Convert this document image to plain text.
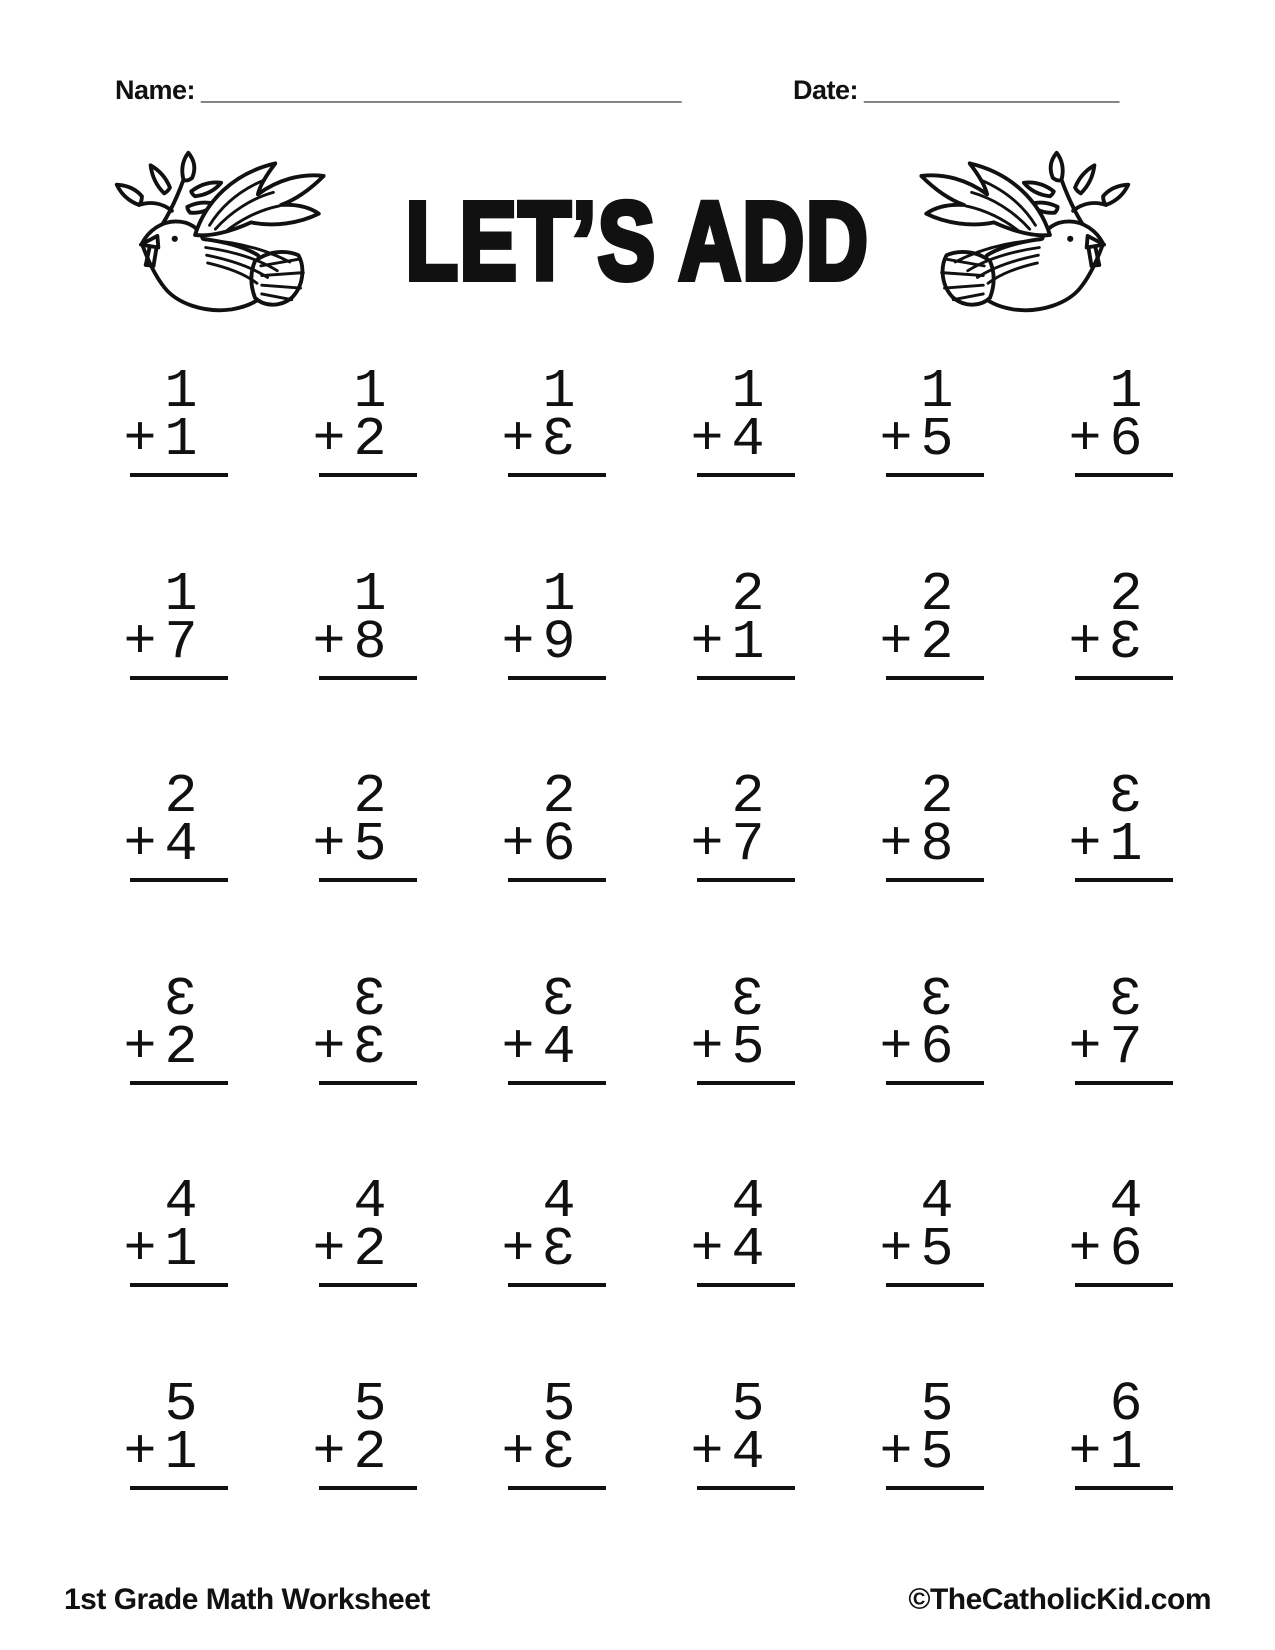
Name: ________________________________	Date: _________________
LET’S ADD
1
+ 1
1
+ 2
1
+ 3
1
+ 4
1
+ 5
1
+ 6
1
+ 7
1
+ 8
1
+ 9
2
+ 1
2
+ 2
2
+ 3
2
+ 4
2
+ 5
2
+ 6
2
+ 7
2
+ 8
3
+ 1
3
+ 2
3
+ 3
3
+ 4
3
+ 5
3
+ 6
3
+ 7
4
+ 1
4
+ 2
4
+ 3
4
+ 4
4
+ 5
4
+ 6
5
+ 1
5
+ 2
5
+ 3
5
+ 4
5
+ 5
6
+ 1
1st Grade Math Worksheet	©TheCatholicKid.com
